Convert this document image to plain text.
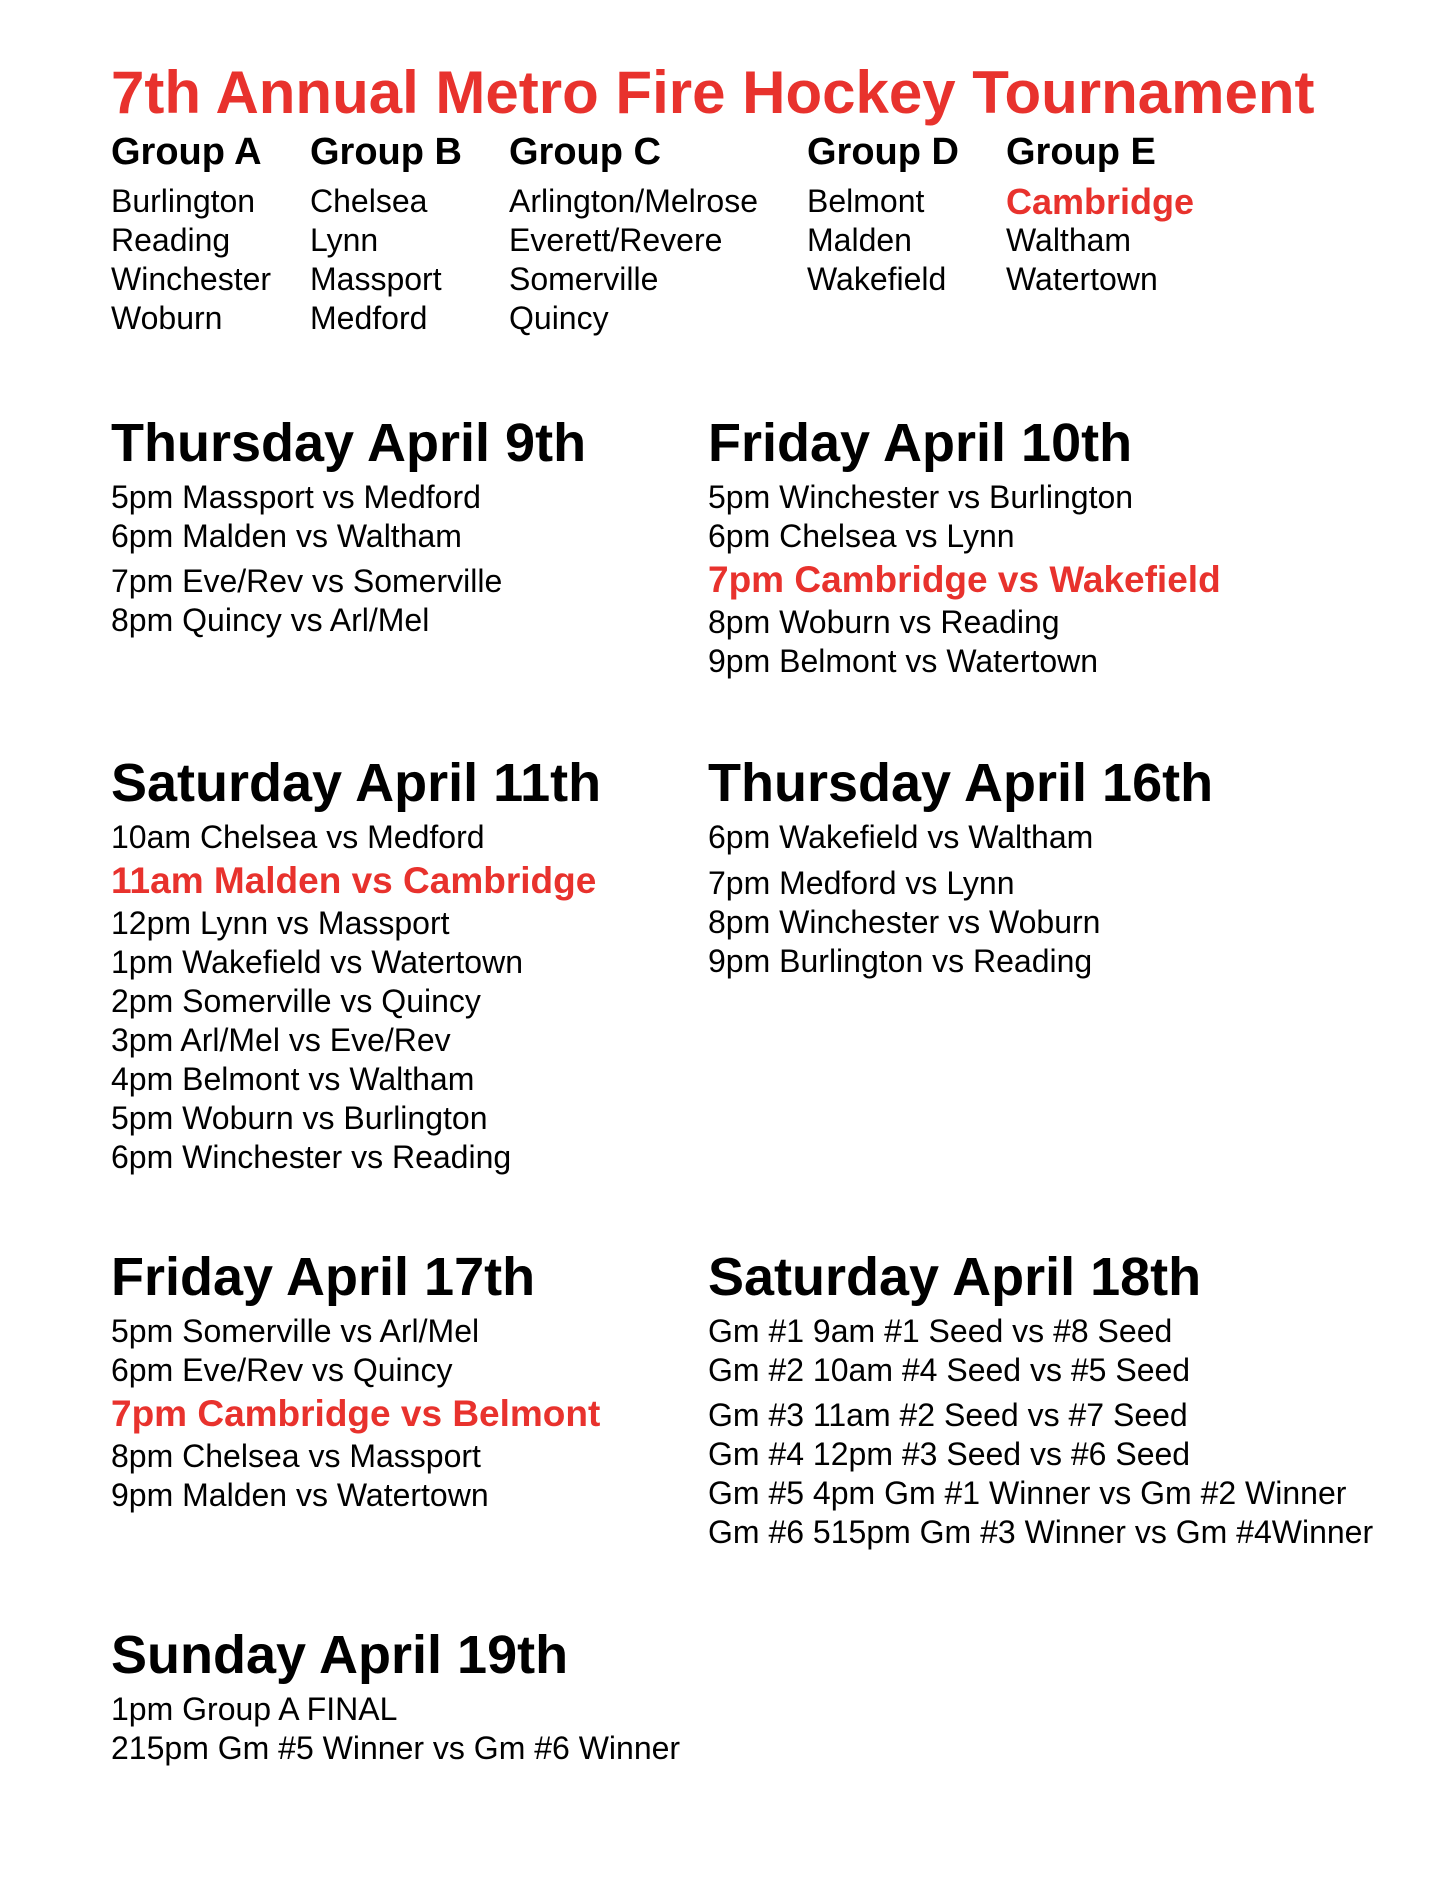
7th Annual Metro Fire Hockey Tournament
Group A
Burlington
Reading
Winchester
Woburn
Group B
Chelsea
Lynn
Massport
Medford
Group C
Arlington/Melrose
Everett/Revere
Somerville
Quincy
Group D
Belmont
Malden
Wakefield
Group E
Cambridge
Waltham
Watertown
Thursday April 9th
5pm Massport vs Medford
6pm Malden vs Waltham
7pm Eve/Rev vs Somerville
8pm Quincy vs Arl/Mel
Friday April 10th
5pm Winchester vs Burlington
6pm Chelsea vs Lynn
7pm Cambridge vs Wakefield
8pm Woburn vs Reading
9pm Belmont vs Watertown
Saturday April 11th
10am Chelsea vs Medford
11am Malden vs Cambridge
12pm Lynn vs Massport
1pm Wakefield vs Watertown
2pm Somerville vs Quincy
3pm Arl/Mel vs Eve/Rev
4pm Belmont vs Waltham
5pm Woburn vs Burlington
6pm Winchester vs Reading
Thursday April 16th
6pm Wakefield vs Waltham
7pm Medford vs Lynn
8pm Winchester vs Woburn
9pm Burlington vs Reading
Friday April 17th
5pm Somerville vs Arl/Mel
6pm Eve/Rev vs Quincy
7pm Cambridge vs Belmont
8pm Chelsea vs Massport
9pm Malden vs Watertown
Saturday April 18th
Gm #1 9am #1 Seed vs #8 Seed
Gm #2 10am #4 Seed vs #5 Seed
Gm #3 11am #2 Seed vs #7 Seed
Gm #4 12pm #3 Seed vs #6 Seed
Gm #5 4pm Gm #1 Winner vs Gm #2 Winner
Gm #6 515pm Gm #3 Winner vs Gm #4Winner
Sunday April 19th
1pm Group A FINAL
215pm Gm #5 Winner vs Gm #6 Winner
